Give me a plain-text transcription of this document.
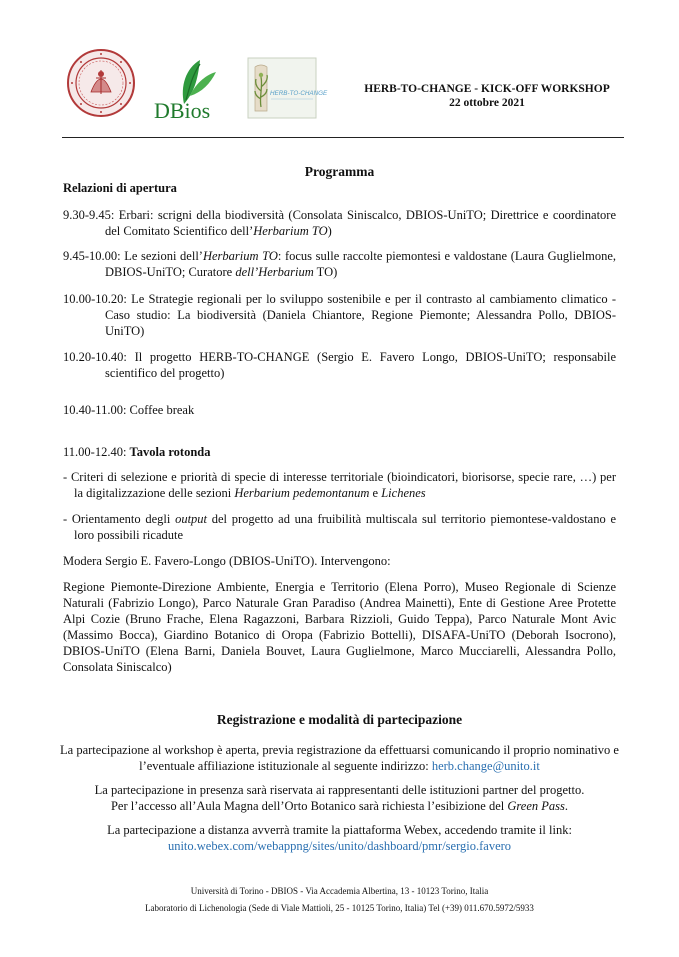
DBios
HERB-TO-CHANGE	HERB-TO-CHANGE - KICK-OFF WORKSHOP
22 ottobre 2021
Programma
Relazioni di apertura
9.30-9.45: Erbari: scrigni della biodiversità (Consolata Siniscalco, DBIOS-UniTO; Direttrice e coordinatore del Comitato Scientifico dell’Herbarium TO)
9.45-10.00: Le sezioni dell’Herbarium TO: focus sulle raccolte piemontesi e valdostane (Laura Guglielmone, DBIOS-UniTO; Curatore dell’Herbarium TO)
10.00-10.20: Le Strategie regionali per lo sviluppo sostenibile e per il contrasto al cambiamento climatico - Caso studio: La biodiversità (Daniela Chiantore, Regione Piemonte; Alessandra Pollo, DBIOS-UniTO)
10.20-10.40: Il progetto HERB-TO-CHANGE (Sergio E. Favero Longo, DBIOS-UniTO; responsabile scientifico del progetto)
10.40-11.00: Coffee break
11.00-12.40: Tavola rotonda
- Criteri di selezione e priorità di specie di interesse territoriale (bioindicatori, biorisorse, specie rare, …) per la digitalizzazione delle sezioni Herbarium pedemontanum e Lichenes
- Orientamento degli output del progetto ad una fruibilità multiscala sul territorio piemontese-valdostano e loro possibili ricadute
Modera Sergio E. Favero-Longo (DBIOS-UniTO). Intervengono:
Regione Piemonte-Direzione Ambiente, Energia e Territorio (Elena Porro), Museo Regionale di Scienze Naturali (Fabrizio Longo), Parco Naturale Gran Paradiso (Andrea Mainetti), Ente di Gestione Aree Protette Alpi Cozie (Bruno Frache, Elena Ragazzoni, Barbara Rizzioli, Guido Teppa), Parco Naturale Mont Avic (Massimo Bocca), Giardino Botanico di Oropa (Fabrizio Bottelli), DISAFA-UniTO (Deborah Isocrono), DBIOS-UniTO (Elena Barni, Daniela Bouvet, Laura Guglielmone, Marco Mucciarelli, Alessandra Pollo, Consolata Siniscalco)
Registrazione e modalità di partecipazione
La partecipazione al workshop è aperta, previa registrazione da effettuarsi comunicando il proprio nominativo e l’eventuale affiliazione istituzionale al seguente indirizzo: herb.change@unito.it
La partecipazione in presenza sarà riservata ai rappresentanti delle istituzioni partner del progetto.
Per l’accesso all’Aula Magna dell’Orto Botanico sarà richiesta l’esibizione del Green Pass.
La partecipazione a distanza avverrà tramite la piattaforma Webex, accedendo tramite il link:
unito.webex.com/webappng/sites/unito/dashboard/pmr/sergio.favero
Università di Torino - DBIOS - Via Accademia Albertina, 13 - 10123 Torino, Italia
Laboratorio di Lichenologia (Sede di Viale Mattioli, 25 - 10125 Torino, Italia) Tel (+39) 011.670.5972/5933
